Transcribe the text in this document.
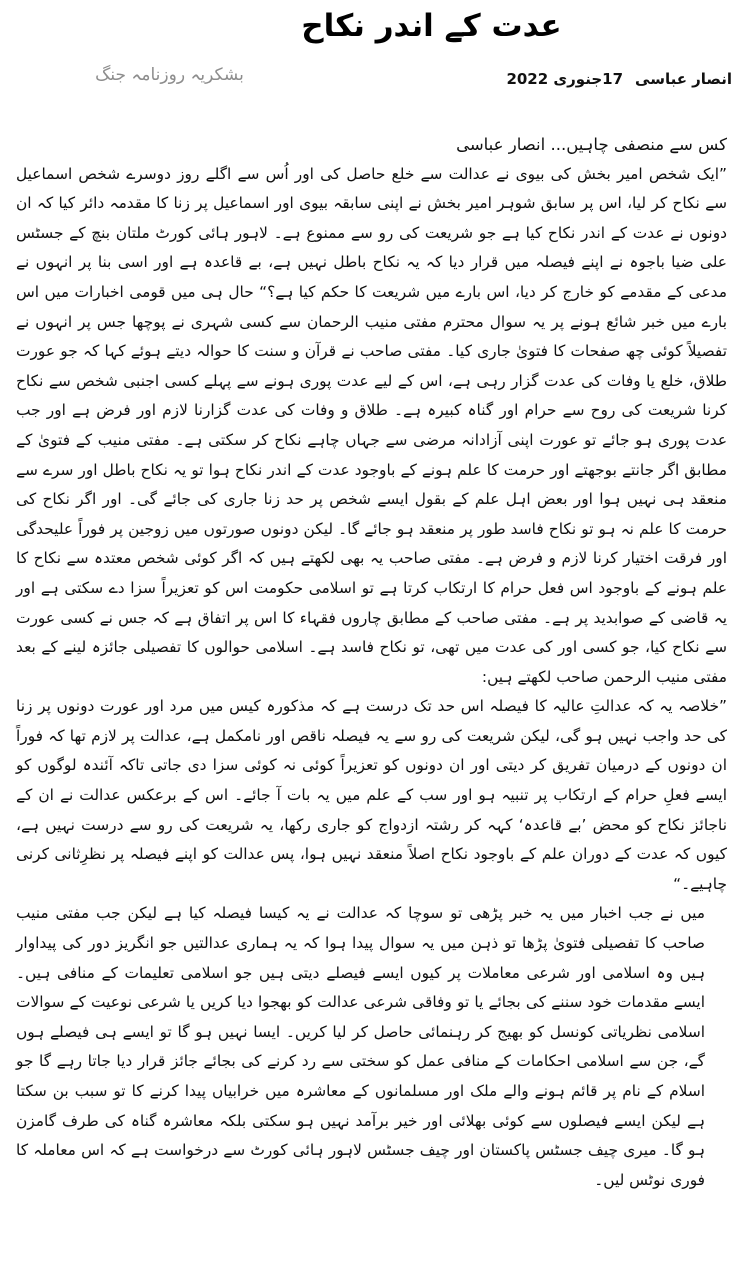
عدت کے اندر نکاح
بشکریہ روزنامہ جنگ	انصار عباسی
17جنوری 2022

کس سے منصفی چاہیں... انصار عباسی

”ایک شخص امیر بخش کی بیوی نے عدالت سے خلع حاصل کی اور اُس سے اگلے روز دوسرے شخص اسماعیل سے نکاح کر لیا، اس پر سابق شوہر امیر بخش نے اپنی سابقہ بیوی اور اسماعیل پر زنا کا مقدمہ دائر کیا کہ ان دونوں نے عدت کے اندر نکاح کیا ہے جو شریعت کی رو سے ممنوع ہے۔ لاہور ہائی کورٹ ملتان بنچ کے جسٹس علی ضیا باجوہ نے اپنے فیصلہ میں قرار دیا کہ یہ نکاح باطل نہیں ہے، بے قاعدہ ہے اور اسی بنا پر انہوں نے مدعی کے مقدمے کو خارج کر دیا، اس بارے میں شریعت کا حکم کیا ہے؟“ حال ہی میں قومی اخبارات میں اس بارے میں خبر شائع ہونے پر یہ سوال محترم مفتی منیب الرحمان سے کسی شہری نے پوچھا جس پر انہوں نے تفصیلاً کوئی چھ صفحات کا فتویٰ جاری کیا۔ مفتی صاحب نے قرآن و سنت کا حوالہ دیتے ہوئے کہا کہ جو عورت طلاق، خلع یا وفات کی عدت گزار رہی ہے، اس کے لیے عدت پوری ہونے سے پہلے کسی اجنبی شخص سے نکاح کرنا شریعت کی روح سے حرام اور گناہ کبیرہ ہے۔ طلاق و وفات کی عدت گزارنا لازم اور فرض ہے اور جب عدت پوری ہو جائے تو عورت اپنی آزادانہ مرضی سے جہاں چاہے نکاح کر سکتی ہے۔ مفتی منیب کے فتویٰ کے مطابق اگر جانتے بوجھتے اور حرمت کا علم ہونے کے باوجود عدت کے اندر نکاح ہوا تو یہ نکاح باطل اور سرے سے منعقد ہی نہیں ہوا اور بعض اہل علم کے بقول ایسے شخص پر حد زنا جاری کی جائے گی۔ اور اگر نکاح کی حرمت کا علم نہ ہو تو نکاح فاسد طور پر منعقد ہو جائے گا۔ لیکن دونوں صورتوں میں زوجین پر فوراً علیحدگی اور فرقت اختیار کرنا لازم و فرض ہے۔ مفتی صاحب یہ بھی لکھتے ہیں کہ اگر کوئی شخص معتدہ سے نکاح کا علم ہونے کے باوجود اس فعل حرام کا ارتکاب کرتا ہے تو اسلامی حکومت اس کو تعزیراً سزا دے سکتی ہے اور یہ قاضی کے صوابدید پر ہے۔ مفتی صاحب کے مطابق چاروں فقہاء کا اس پر اتفاق ہے کہ جس نے کسی عورت سے نکاح کیا، جو کسی اور کی عدت میں تھی، تو نکاح فاسد ہے۔ اسلامی حوالوں کا تفصیلی جائزہ لینے کے بعد مفتی منیب الرحمن صاحب لکھتے ہیں:

”خلاصہ یہ کہ عدالتِ عالیہ کا فیصلہ اس حد تک درست ہے کہ مذکورہ کیس میں مرد اور عورت دونوں پر زنا کی حد واجب نہیں ہو گی، لیکن شریعت کی رو سے یہ فیصلہ ناقص اور نامکمل ہے، عدالت پر لازم تھا کہ فوراً ان دونوں کے درمیان تفریق کر دیتی اور ان دونوں کو تعزیراً کوئی نہ کوئی سزا دی جاتی تاکہ آئندہ لوگوں کو ایسے فعلِ حرام کے ارتکاب پر تنبیہ ہو اور سب کے علم میں یہ بات آ جائے۔ اس کے برعکس عدالت نے ان کے ناجائز نکاح کو محض ’بے قاعدہ‘ کہہ کر رشتہ ازدواج کو جاری رکھا، یہ شریعت کی رو سے درست نہیں ہے، کیوں کہ عدت کے دوران علم کے باوجود نکاح اصلاً منعقد نہیں ہوا، پس عدالت کو اپنے فیصلہ پر نظرِثانی کرنی چاہیے۔“

میں نے جب اخبار میں یہ خبر پڑھی تو سوچا کہ عدالت نے یہ کیسا فیصلہ کیا ہے لیکن جب مفتی منیب صاحب کا تفصیلی فتویٰ پڑھا تو ذہن میں یہ سوال پیدا ہوا کہ یہ ہماری عدالتیں جو انگریز دور کی پیداوار ہیں وہ اسلامی اور شرعی معاملات پر کیوں ایسے فیصلے دیتی ہیں جو اسلامی تعلیمات کے منافی ہیں۔ ایسے مقدمات خود سننے کی بجائے یا تو وفاقی شرعی عدالت کو بھجوا دیا کریں یا شرعی نوعیت کے سوالات اسلامی نظریاتی کونسل کو بھیج کر رہنمائی حاصل کر لیا کریں۔ ایسا نہیں ہو گا تو ایسے ہی فیصلے ہوں گے، جن سے اسلامی احکامات کے منافی عمل کو سختی سے رد کرنے کی بجائے جائز قرار دیا جاتا رہے گا جو اسلام کے نام پر قائم ہونے والے ملک اور مسلمانوں کے معاشرہ میں خرابیاں پیدا کرنے کا تو سبب بن سکتا ہے لیکن ایسے فیصلوں سے کوئی بھلائی اور خیر برآمد نہیں ہو سکتی بلکہ معاشرہ گناہ کی طرف گامزن ہو گا۔ میری چیف جسٹس پاکستان اور چیف جسٹس لاہور ہائی کورٹ سے درخواست ہے کہ اس معاملہ کا فوری نوٹس لیں۔
